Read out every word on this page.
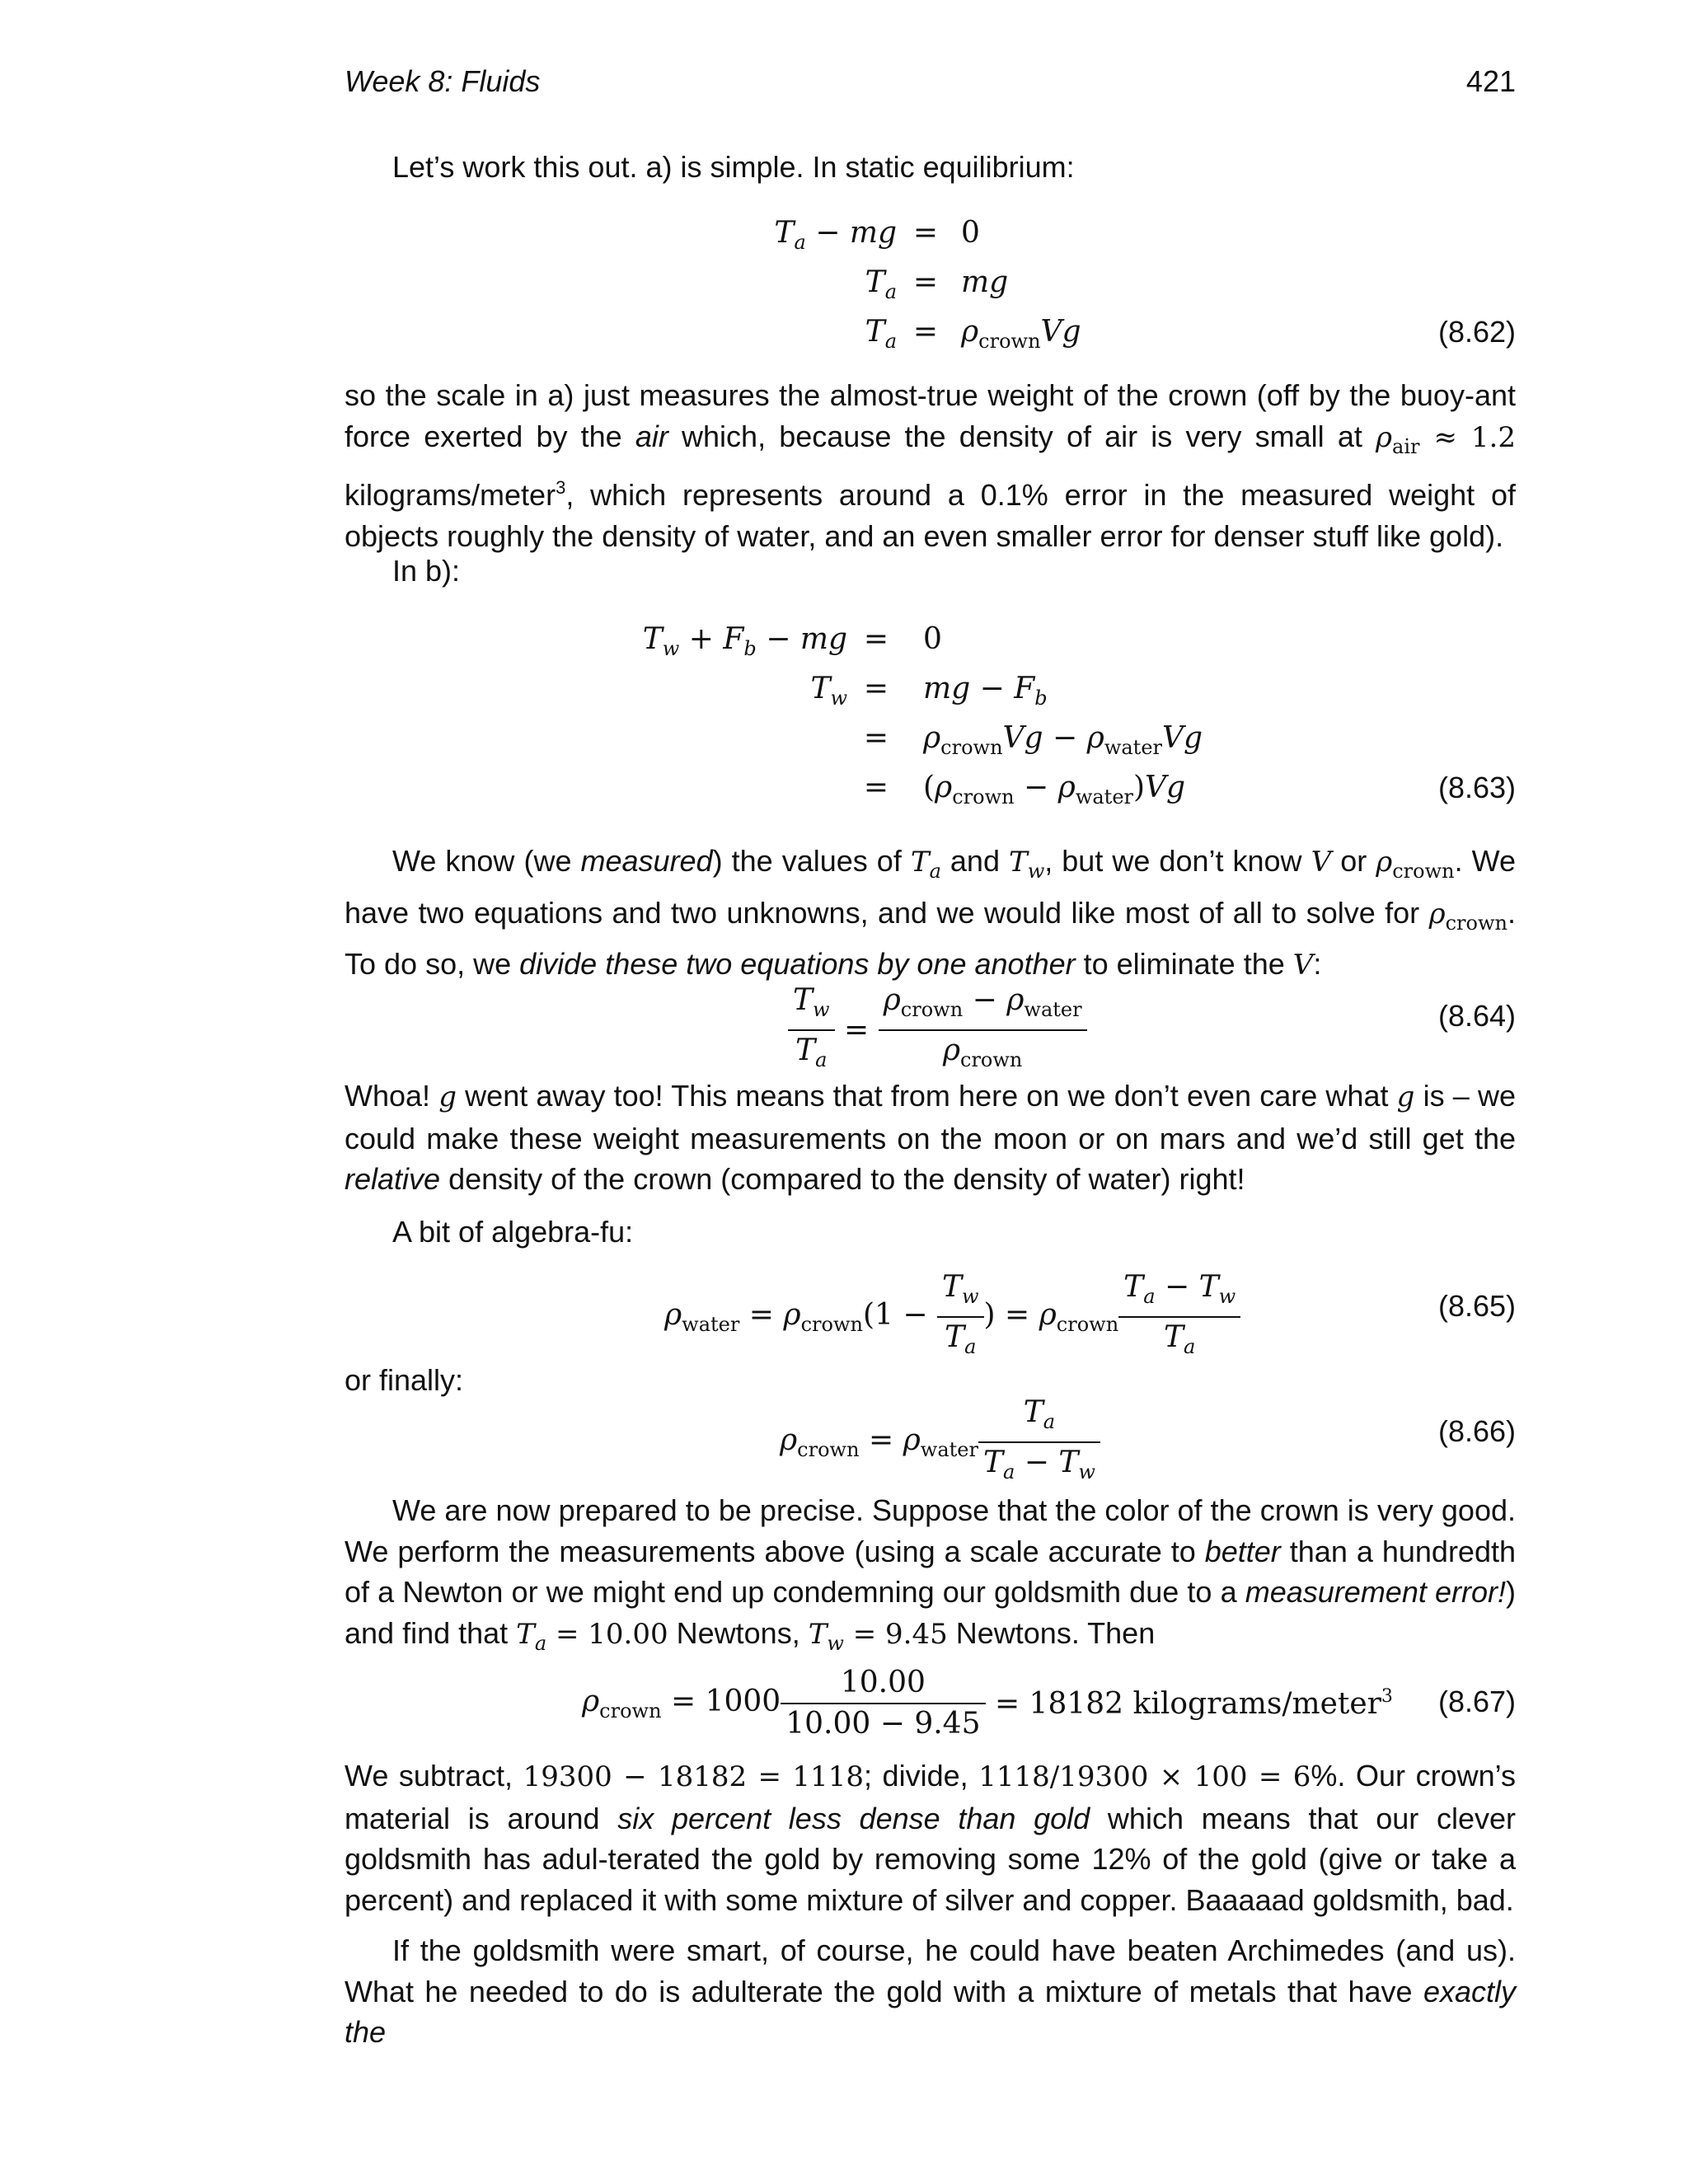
Week 8: Fluids	421

Let’s work this out. a) is simple. In static equilibrium:

$T_a$ − mg = 0
$T_a$ = mg
$T_a = \rho_{crown}Vg$	(8.62)

so the scale in a) just measures the almost-true weight of the crown (off by the buoy-ant force exerted by the air which, because the density of air is very small at $\rho_{air} \approx 1.2$ kilograms/meter$^3$, which represents around a 0.1% error in the measured weight of objects roughly the density of water, and an even smaller error for denser stuff like gold).

In b):

$T_w + F_b$ − mg = 0
$T_w$ = mg − $F_b$
= $\rho_{crown}Vg - \rho_{water}Vg$
= $(\rho_{crown} - \rho_{water})Vg$	(8.63)

We know (we measured) the values of $T_a$ and $T_w$, but we don’t know V or $\rho_{crown}$. We have two equations and two unknowns, and we would like most of all to solve for $\rho_{crown}$. To do so, we divide these two equations by one another to eliminate the V:

$\frac{T_w}{T_a} = \frac{\rho_{crown} - \rho_{water}}{\rho_{crown}}$	(8.64)

Whoa! g went away too! This means that from here on we don’t even care what g is – we could make these weight measurements on the moon or on mars and we’d still get the relative density of the crown (compared to the density of water) right!

A bit of algebra-fu:

$\rho_{water} = \rho_{crown}(1 - \frac{T_w}{T_a}$ ) = $\rho_{crown} \frac{T_a - T_w}{T_a}$	(8.65)

or finally:

$\rho_{crown} = \rho_{water} \frac{T_a}{T_a - T_w}$	(8.66)

We are now prepared to be precise. Suppose that the color of the crown is very good. We perform the measurements above (using a scale accurate to better than a hundredth of a Newton or we might end up condemning our goldsmith due to a measurement error!) and find that $T_a = 10.00$ Newtons, $T_w = 9.45$ Newtons. Then

$\rho_{crown} = 1000 \frac{10.00}{10.00 - 9.45} = 18182$ kilograms/meter$^3$ (8.67)

We subtract, 19300 − 18182 = 1118; divide, 1118/19300 × 100 = 6%. Our crown’s material is around six percent less dense than gold which means that our clever goldsmith has adul-terated the gold by removing some 12% of the gold (give or take a percent) and replaced it with some mixture of silver and copper. Baaaaad goldsmith, bad.

If the goldsmith were smart, of course, he could have beaten Archimedes (and us). What he needed to do is adulterate the gold with a mixture of metals that have exactly the
